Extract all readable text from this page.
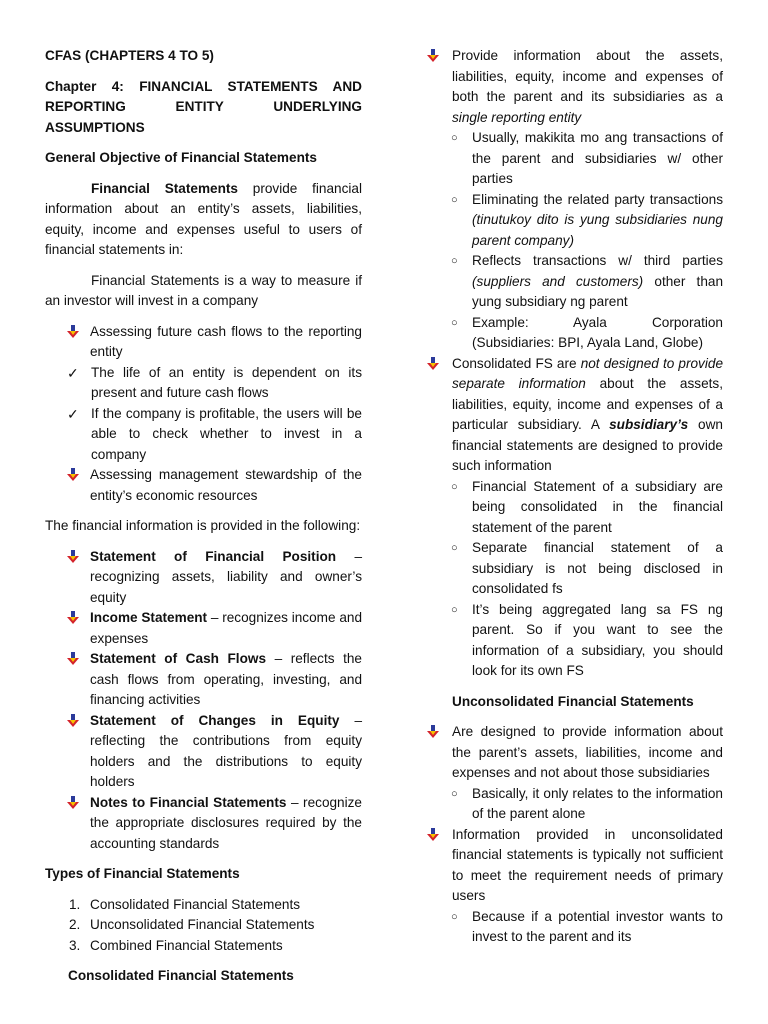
CFAS (CHAPTERS 4 TO 5)

Chapter 4: FINANCIAL STATEMENTS AND REPORTING ENTITY UNDERLYING ASSUMPTIONS

General Objective of Financial Statements

Financial Statements provide financial information about an entity’s assets, liabilities, equity, income and expenses useful to users of financial statements in:

Financial Statements is a way to measure if an investor will invest in a company

Assessing future cash flows to the reporting entity
✓ The life of an entity is dependent on its present and future cash flows
✓ If the company is profitable, the users will be able to check whether to invest in a company
Assessing management stewardship of the entity’s economic resources

The financial information is provided in the following:

Statement of Financial Position – recognizing assets, liability and owner’s equity
Income Statement – recognizes income and expenses
Statement of Cash Flows – reflects the cash flows from operating, investing, and financing activities
Statement of Changes in Equity – reflecting the contributions from equity holders and the distributions to equity holders
Notes to Financial Statements – recognize the appropriate disclosures required by the accounting standards

Types of Financial Statements

1. Consolidated Financial Statements
2. Unconsolidated Financial Statements
3. Combined Financial Statements

Consolidated Financial Statements

Provide information about the assets, liabilities, equity, income and expenses of both the parent and its subsidiaries as a single reporting entity
○ Usually, makikita mo ang transactions of the parent and subsidiaries w/ other parties
○ Eliminating the related party transactions (tinutukoy dito is yung subsidiaries nung parent company)
○ Reflects transactions w/ third parties (suppliers and customers) other than yung subsidiary ng parent
○ Example: Ayala Corporation (Subsidiaries: BPI, Ayala Land, Globe)
Consolidated FS are not designed to provide separate information about the assets, liabilities, equity, income and expenses of a particular subsidiary. A subsidiary’s own financial statements are designed to provide such information
○ Financial Statement of a subsidiary are being consolidated in the financial statement of the parent
○ Separate financial statement of a subsidiary is not being disclosed in consolidated fs
○ It’s being aggregated lang sa FS ng parent. So if you want to see the information of a subsidiary, you should look for its own FS

Unconsolidated Financial Statements

Are designed to provide information about the parent’s assets, liabilities, income and expenses and not about those subsidiaries
○ Basically, it only relates to the information of the parent alone
Information provided in unconsolidated financial statements is typically not sufficient to meet the requirement needs of primary users
○ Because if a potential investor wants to invest to the parent and its
